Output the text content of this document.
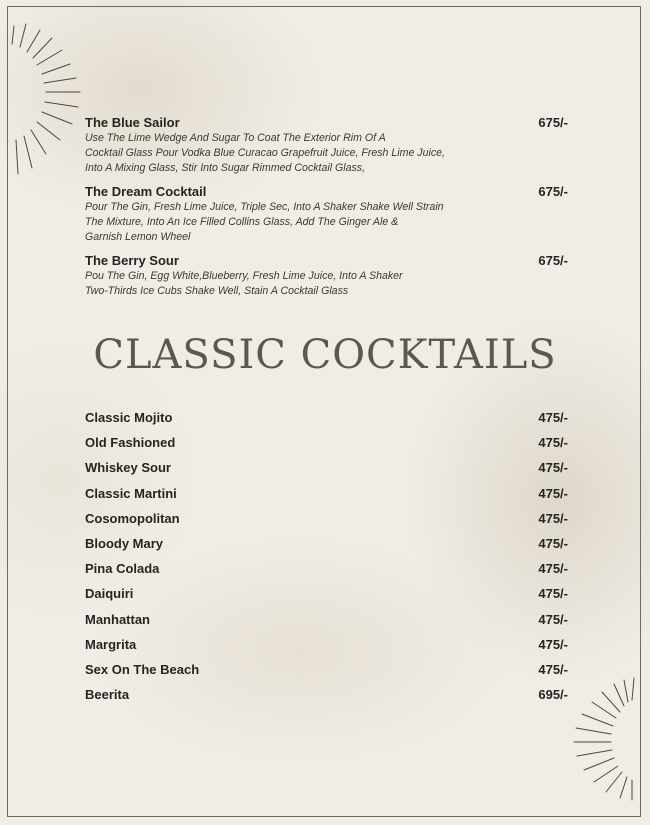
The Blue Sailor	675/-
Use The Lime Wedge And Sugar To Coat The Exterior Rim Of A
Cocktail Glass Pour Vodka Blue Curacao Grapefruit Juice, Fresh Lime Juice,
Into A Mixing Glass, Stir Into Sugar Rimmed Cocktail Glass,
The Dream Cocktail	675/-
Pour The Gin, Fresh Lime Juice, Triple Sec, Into A Shaker Shake Well Strain
The Mixture, Into An Ice Filled Collins Glass, Add The Ginger Ale &
Garnish Lemon Wheel
The Berry Sour	675/-
Pou The Gin, Egg White,Blueberry, Fresh Lime Juice, Into A Shaker
Two-Thirds Ice Cubs Shake Well, Stain A Cocktail Glass
CLASSIC COCKTAILS
Classic Mojito	475/-
Old Fashioned	475/-
Whiskey Sour	475/-
Classic Martini	475/-
Cosomopolitan	475/-
Bloody Mary	475/-
Pina Colada	475/-
Daiquiri	475/-
Manhattan	475/-
Margrita	475/-
Sex On The Beach	475/-
Beerita	695/-
